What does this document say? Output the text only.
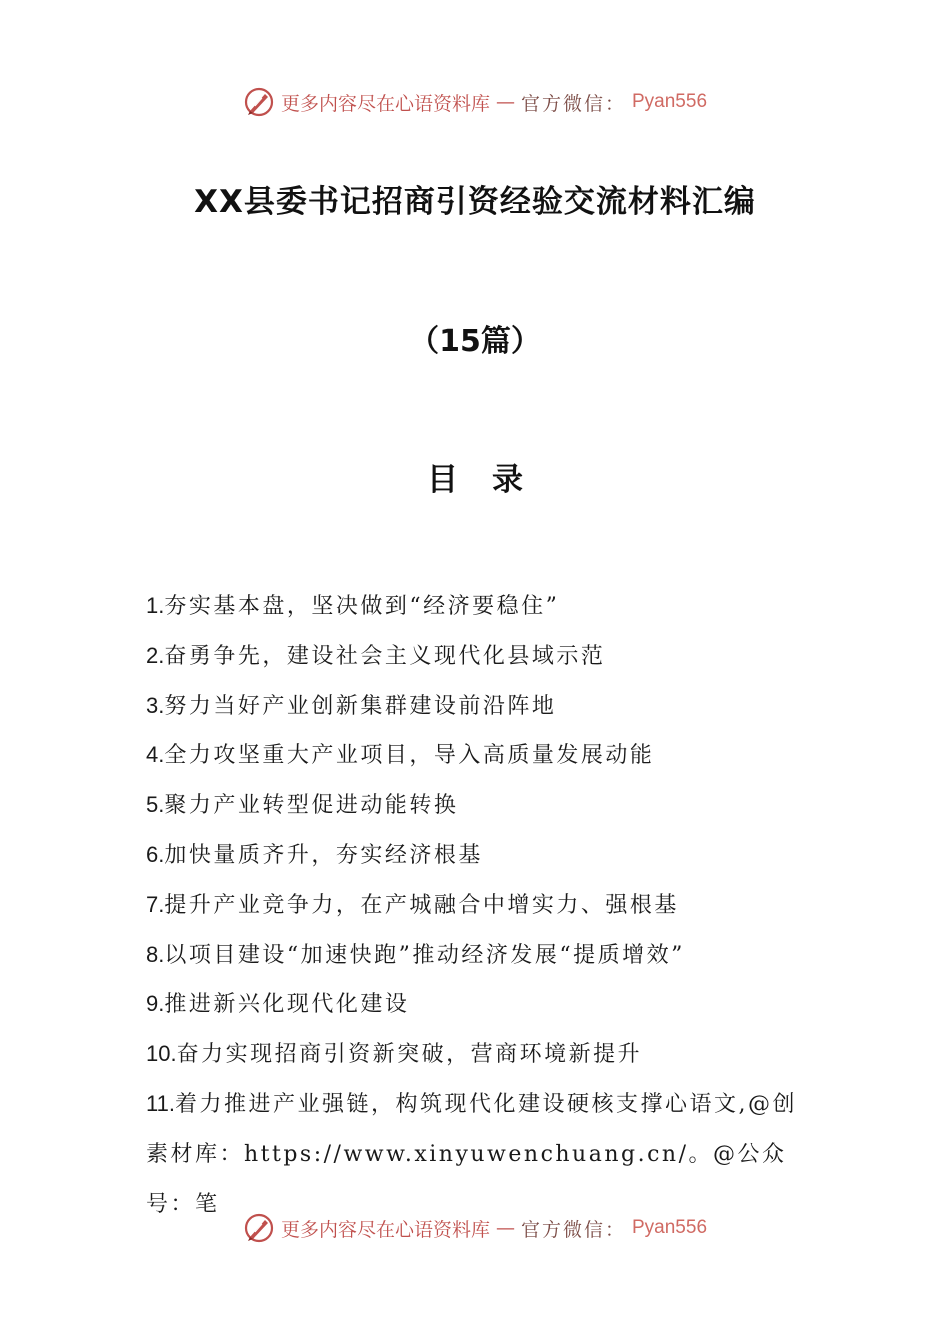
更多内容尽在心语资料库 — 官方微信： Pyan556
XX县委书记招商引资经验交流材料汇编
（15篇）
目录
1.夯实基本盘，坚决做到“经济要稳住”
2.奋勇争先，建设社会主义现代化县域示范
3.努力当好产业创新集群建设前沿阵地
4.全力攻坚重大产业项目，导入高质量发展动能
5.聚力产业转型促进动能转换
6.加快量质齐升，夯实经济根基
7.提升产业竞争力，在产城融合中增实力、强根基
8.以项目建设“加速快跑”推动经济发展“提质增效”
9.推进新兴化现代化建设
10.奋力实现招商引资新突破，营商环境新提升
11.着力推进产业强链，构筑现代化建设硬核支撑心语文,@创素材库：https://www.xinyuwenchuang.cn/。@公众号：笔
更多内容尽在心语资料库 — 官方微信： Pyan556
